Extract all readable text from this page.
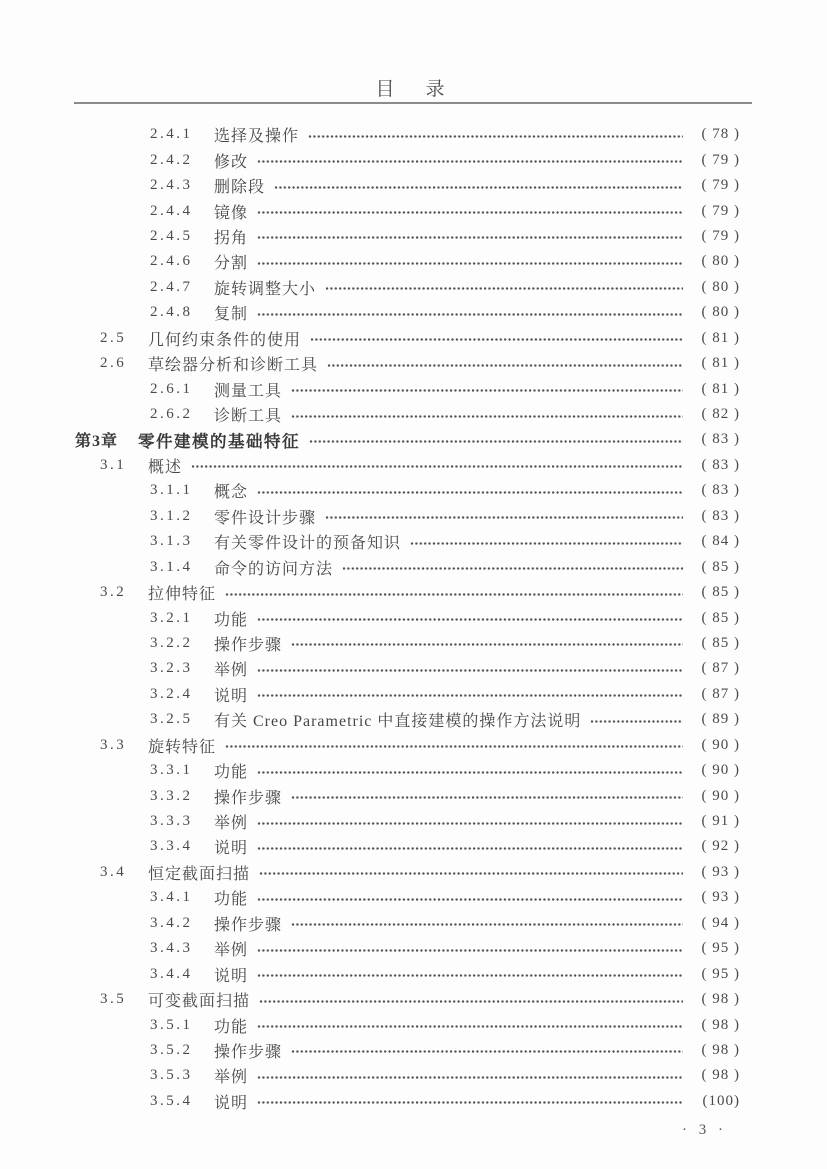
目　录
2.4.1	选择及操作	( 78 )
2.4.2	修改	( 79 )
2.4.3	删除段	( 79 )
2.4.4	镜像	( 79 )
2.4.5	拐角	( 79 )
2.4.6	分割	( 80 )
2.4.7	旋转调整大小	( 80 )
2.4.8	复制	( 80 )
2.5	几何约束条件的使用	( 81 )
2.6	草绘器分析和诊断工具	( 81 )
2.6.1	测量工具	( 81 )
2.6.2	诊断工具	( 82 )
第3章	零件建模的基础特征	( 83 )
3.1	概述	( 83 )
3.1.1	概念	( 83 )
3.1.2	零件设计步骤	( 83 )
3.1.3	有关零件设计的预备知识	( 84 )
3.1.4	命令的访问方法	( 85 )
3.2	拉伸特征	( 85 )
3.2.1	功能	( 85 )
3.2.2	操作步骤	( 85 )
3.2.3	举例	( 87 )
3.2.4	说明	( 87 )
3.2.5	有关 Creo Parametric 中直接建模的操作方法说明	( 89 )
3.3	旋转特征	( 90 )
3.3.1	功能	( 90 )
3.3.2	操作步骤	( 90 )
3.3.3	举例	( 91 )
3.3.4	说明	( 92 )
3.4	恒定截面扫描	( 93 )
3.4.1	功能	( 93 )
3.4.2	操作步骤	( 94 )
3.4.3	举例	( 95 )
3.4.4	说明	( 95 )
3.5	可变截面扫描	( 98 )
3.5.1	功能	( 98 )
3.5.2	操作步骤	( 98 )
3.5.3	举例	( 98 )
3.5.4	说明	(100)
· 3 ·
